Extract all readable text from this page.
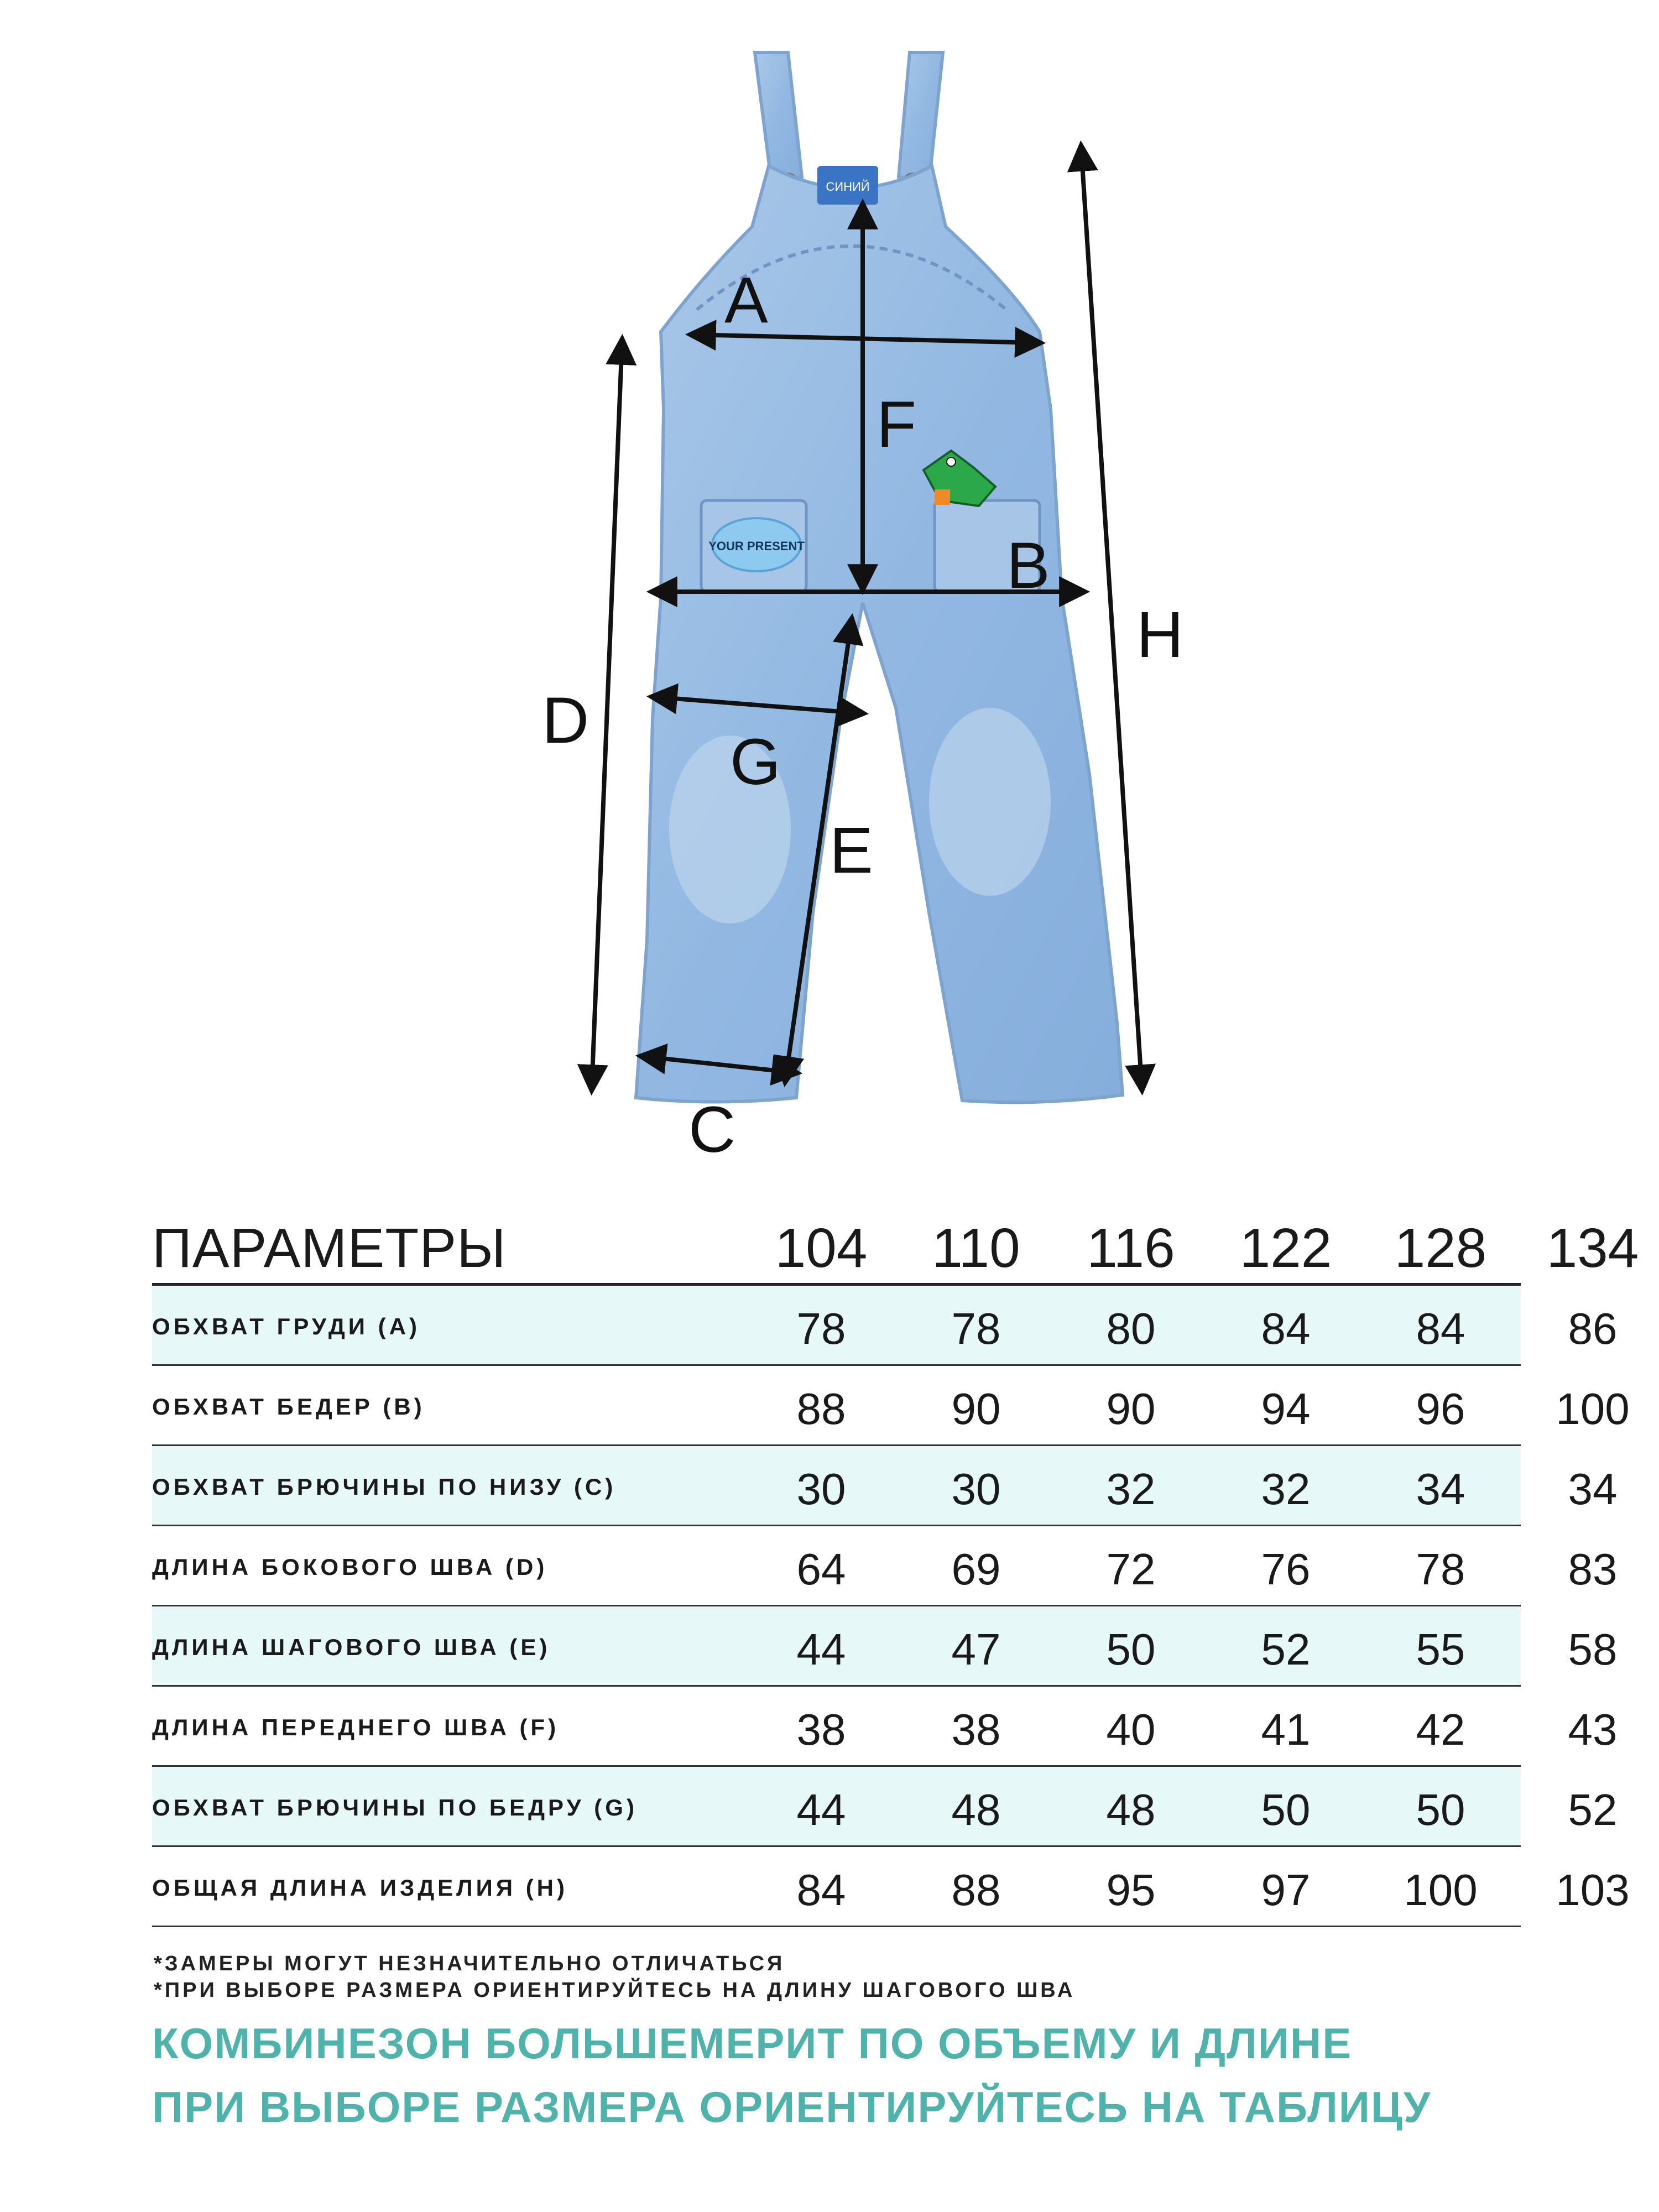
СИНИЙ
YOUR PRESENT
A
F
B
H
D
G
E
C
ПАРАМЕТРЫ	104	110	116	122	128	134
ОБХВАТ ГРУДИ (A)	78	78	80	84	84	86
ОБХВАТ БЕДЕР (B)	88	90	90	94	96	100
ОБХВАТ БРЮЧИНЫ ПО НИЗУ (C)	30	30	32	32	34	34
ДЛИНА БОКОВОГО ШВА (D)	64	69	72	76	78	83
ДЛИНА ШАГОВОГО ШВА (E)	44	47	50	52	55	58
ДЛИНА ПЕРЕДНЕГО ШВА (F)	38	38	40	41	42	43
ОБХВАТ БРЮЧИНЫ ПО БЕДРУ (G)	44	48	48	50	50	52
ОБЩАЯ ДЛИНА ИЗДЕЛИЯ (H)	84	88	95	97	100	103
*ЗАМЕРЫ МОГУТ НЕЗНАЧИТЕЛЬНО ОТЛИЧАТЬСЯ
*ПРИ ВЫБОРЕ РАЗМЕРА ОРИЕНТИРУЙТЕСЬ НА ДЛИНУ ШАГОВОГО ШВА
КОМБИНЕЗОН БОЛЬШЕМЕРИТ ПО ОБЪЕМУ И ДЛИНЕ
ПРИ ВЫБОРЕ РАЗМЕРА ОРИЕНТИРУЙТЕСЬ НА ТАБЛИЦУ
